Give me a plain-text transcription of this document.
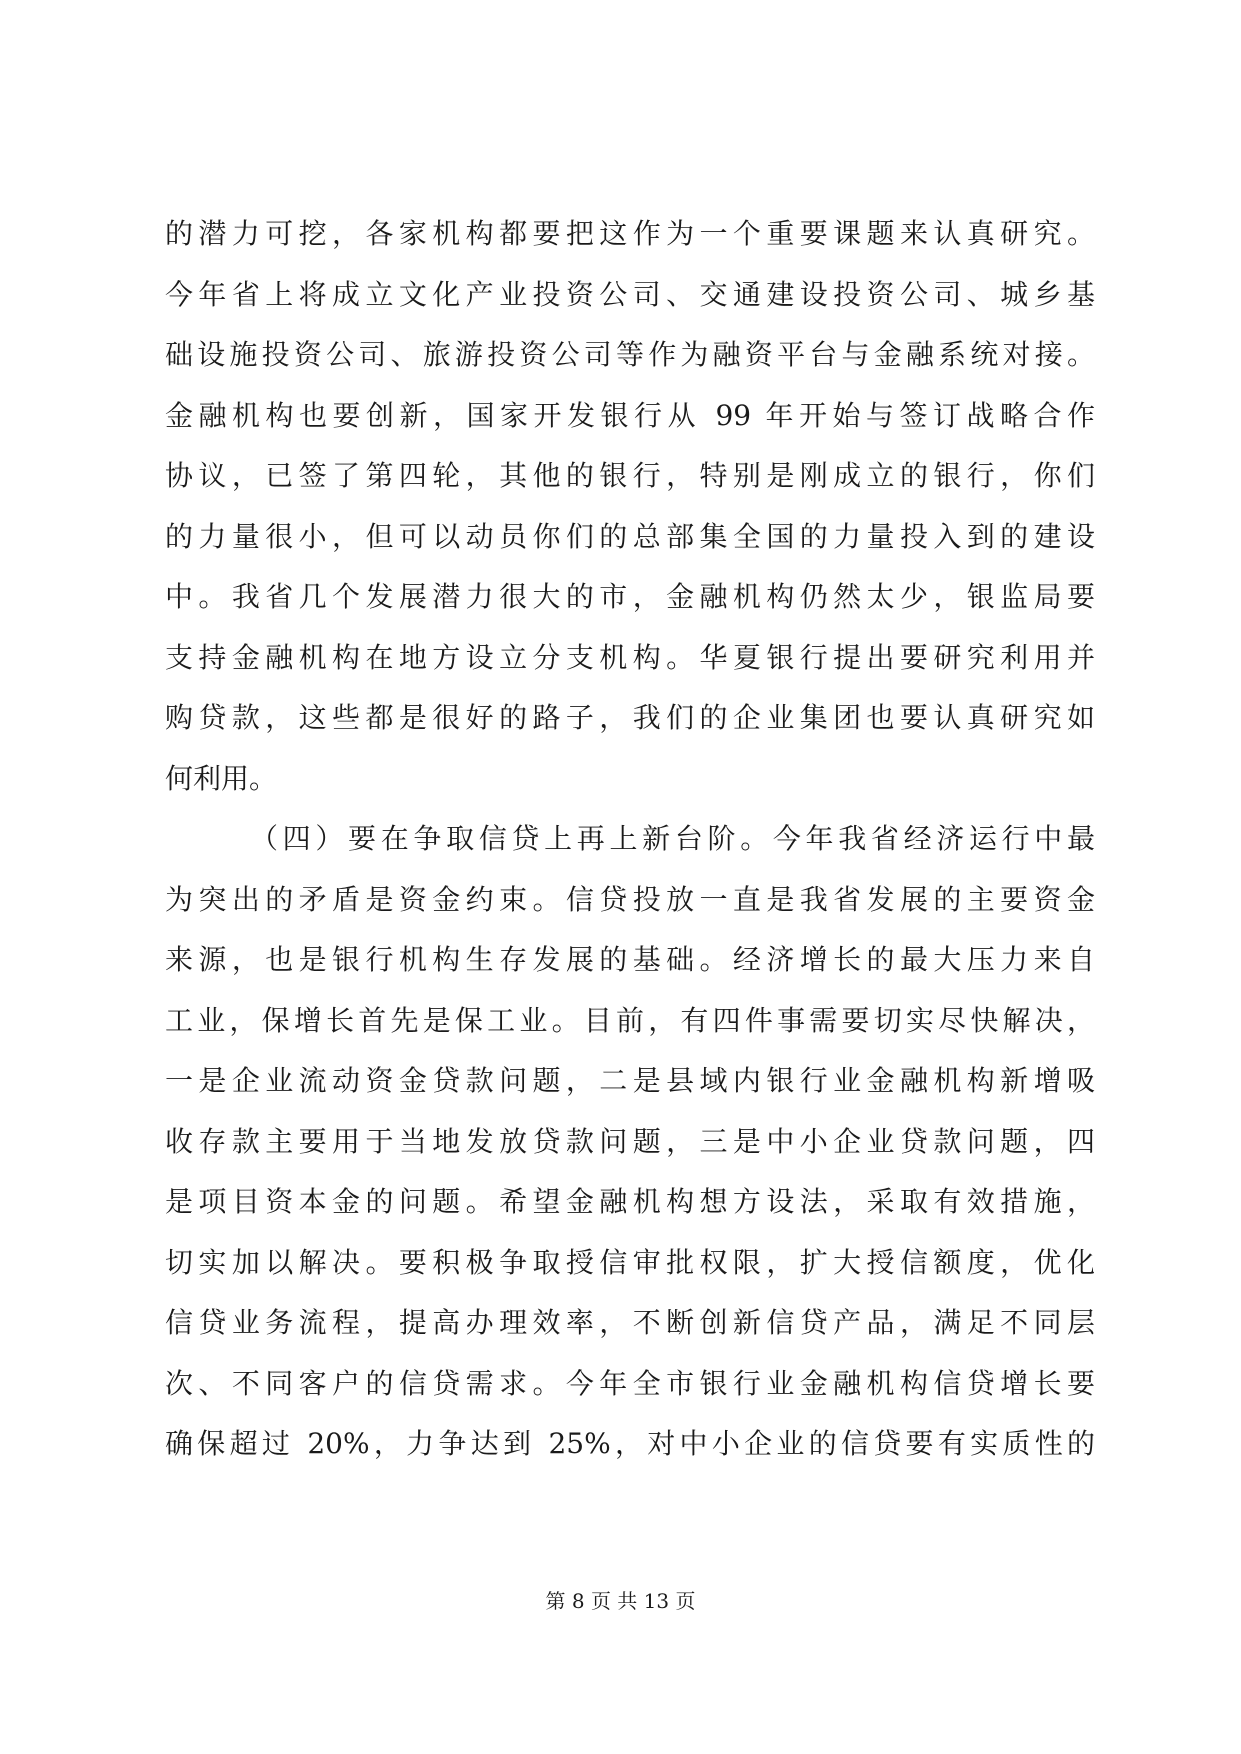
的潜力可挖，各家机构都要把这作为一个重要课题来认真研究。
今年省上将成立文化产业投资公司、交通建设投资公司、城乡基
础设施投资公司、旅游投资公司等作为融资平台与金融系统对接。
金融机构也要创新，国家开发银行从 99 年开始与签订战略合作
协议，已签了第四轮，其他的银行，特别是刚成立的银行，你们
的力量很小，但可以动员你们的总部集全国的力量投入到的建设
中。我省几个发展潜力很大的市，金融机构仍然太少，银监局要
支持金融机构在地方设立分支机构。华夏银行提出要研究利用并
购贷款，这些都是很好的路子，我们的企业集团也要认真研究如
何利用。
（四）要在争取信贷上再上新台阶。今年我省经济运行中最
为突出的矛盾是资金约束。信贷投放一直是我省发展的主要资金
来源，也是银行机构生存发展的基础。经济增长的最大压力来自
工业，保增长首先是保工业。目前，有四件事需要切实尽快解决，
一是企业流动资金贷款问题，二是县域内银行业金融机构新增吸
收存款主要用于当地发放贷款问题，三是中小企业贷款问题，四
是项目资本金的问题。希望金融机构想方设法，采取有效措施，
切实加以解决。要积极争取授信审批权限，扩大授信额度，优化
信贷业务流程，提高办理效率，不断创新信贷产品，满足不同层
次、不同客户的信贷需求。今年全市银行业金融机构信贷增长要
确保超过 20%，力争达到 25%，对中小企业的信贷要有实质性的
第 8 页 共 13 页
